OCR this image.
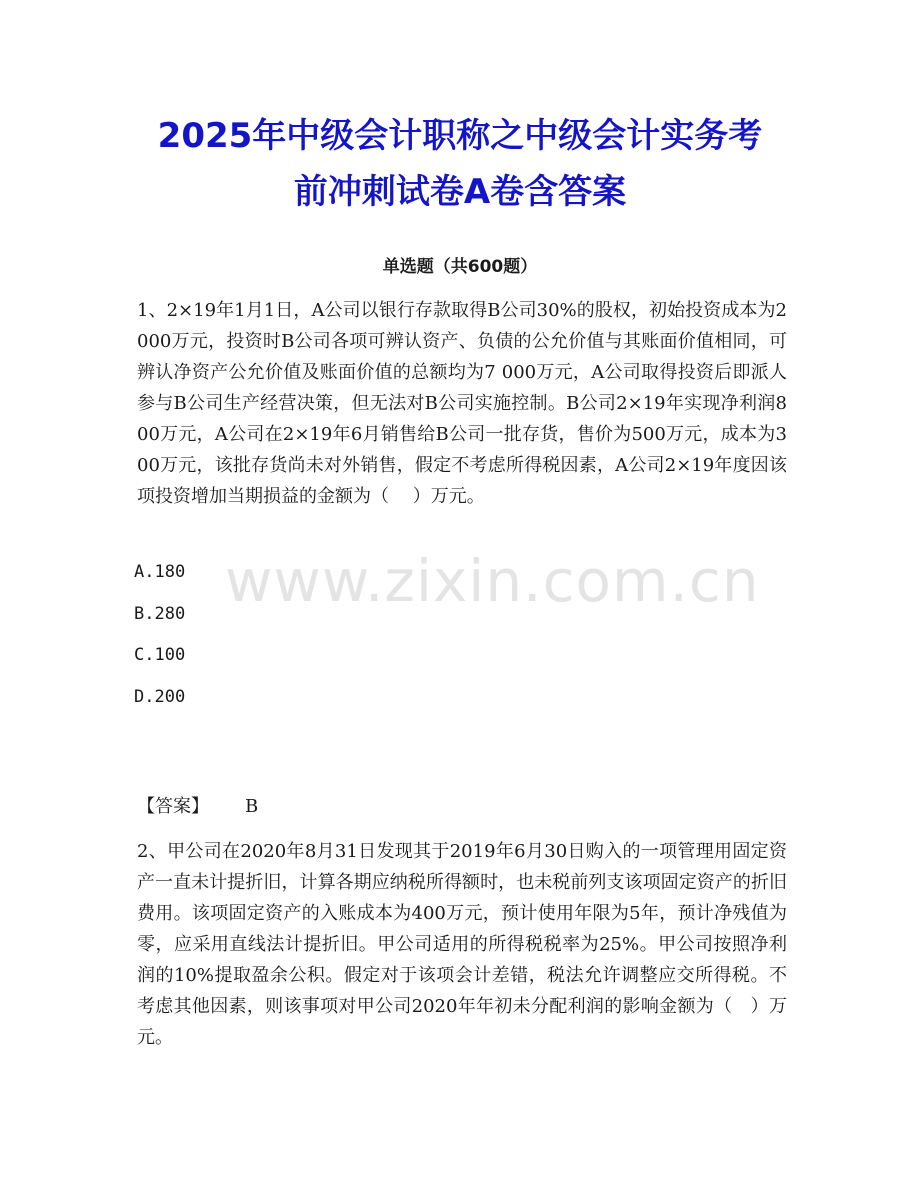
2025年中级会计职称之中级会计实务考
前冲刺试卷A卷含答案
单选题（共600题）

1、2×19年1月1日，A公司以银行存款取得B公司30%的股权，初始投资成本为2 000万元，投资时B公司各项可辨认资产、负债的公允价值与其账面价值相同，可辨认净资产公允价值及账面价值的总额均为7 000万元，A公司取得投资后即派人参与B公司生产经营决策，但无法对B公司实施控制。B公司2×19年实现净利润800万元，A公司在2×19年6月销售给B公司一批存货，售价为500万元，成本为300万元，该批存货尚未对外销售，假定不考虑所得税因素，A公司2×19年度因该项投资增加当期损益的金额为（　 ）万元。

A.180
B.280
C.100
D.200

【答案】 B

2、甲公司在2020年8月31日发现其于2019年6月30日购入的一项管理用固定资产一直未计提折旧，计算各期应纳税所得额时，也未税前列支该项固定资产的折旧费用。该项固定资产的入账成本为400万元，预计使用年限为5年，预计净残值为零，应采用直线法计提折旧。甲公司适用的所得税税率为25%。甲公司按照净利润的10%提取盈余公积。假定对于该项会计差错，税法允许调整应交所得税。不考虑其他因素，则该事项对甲公司2020年年初未分配利润的影响金额为（　）万元。

www.zixin.com.cn
